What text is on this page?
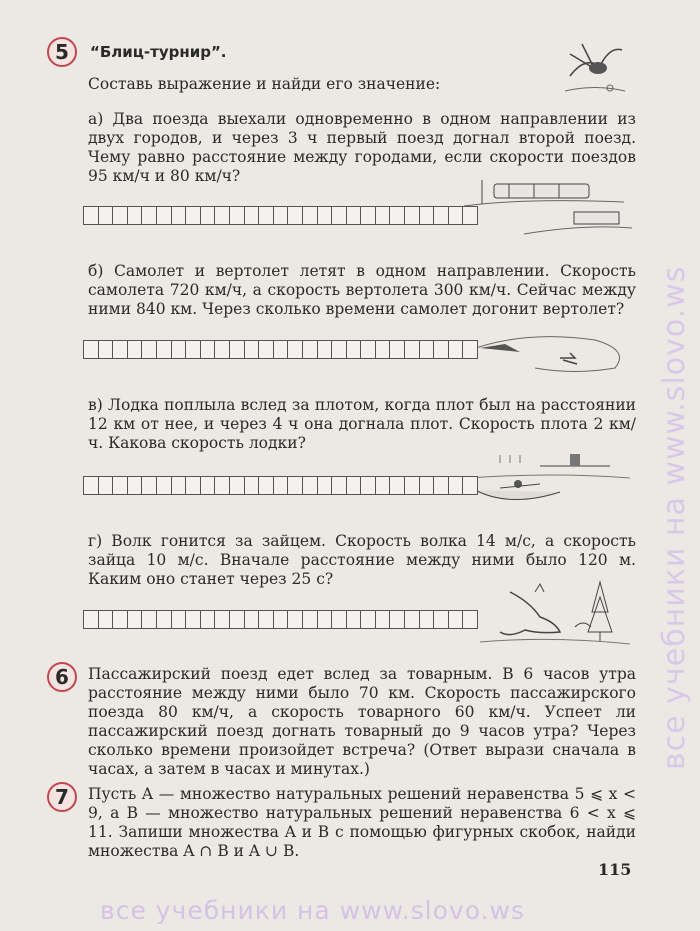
5	“Блиц-турнир”.
Составь выражение и найди его значение:
а) Два поезда выехали одновременно в одном направлении из двух городов, и через 3 ч первый поезд догнал второй поезд. Чему равно расстояние между городами, если скорости поездов 95 км/ч и 80 км/ч?
б) Самолет и вертолет летят в одном направлении. Скорость самолета 720 км/ч, а скорость вертолета 300 км/ч. Сейчас между ними 840 км. Через сколько времени самолет догонит вертолет?
в) Лодка поплыла вслед за плотом, когда плот был на расстоянии 12 км от нее, и через 4 ч она догнала плот. Скорость плота 2 км/ч. Какова скорость лодки?
г) Волк гонится за зайцем. Скорость волка 14 м/с, а скорость зайца 10 м/с. Вначале расстояние между ними было 120 м. Каким оно станет через 25 с?
6	Пассажирский поезд едет вслед за товарным. В 6 часов утра расстояние между ними было 70 км. Скорость пассажирского поезда 80 км/ч, а скорость товарного 60 км/ч. Успеет ли пассажирский поезд догнать товарный до 9 часов утра? Через сколько времени произойдет встреча? (Ответ вырази сначала в часах, а затем в часах и минутах.)
7	Пусть A — множество натуральных решений неравенства 5 ⩽ x < 9, а B — множество натуральных решений неравенства 6 < x ⩽ 11. Запиши множества A и B с помощью фигурных скобок, найди множества A ∩ B и A ∪ B.
115
все учебники на www.slovo.ws
все учебники на www.slovo.ws
